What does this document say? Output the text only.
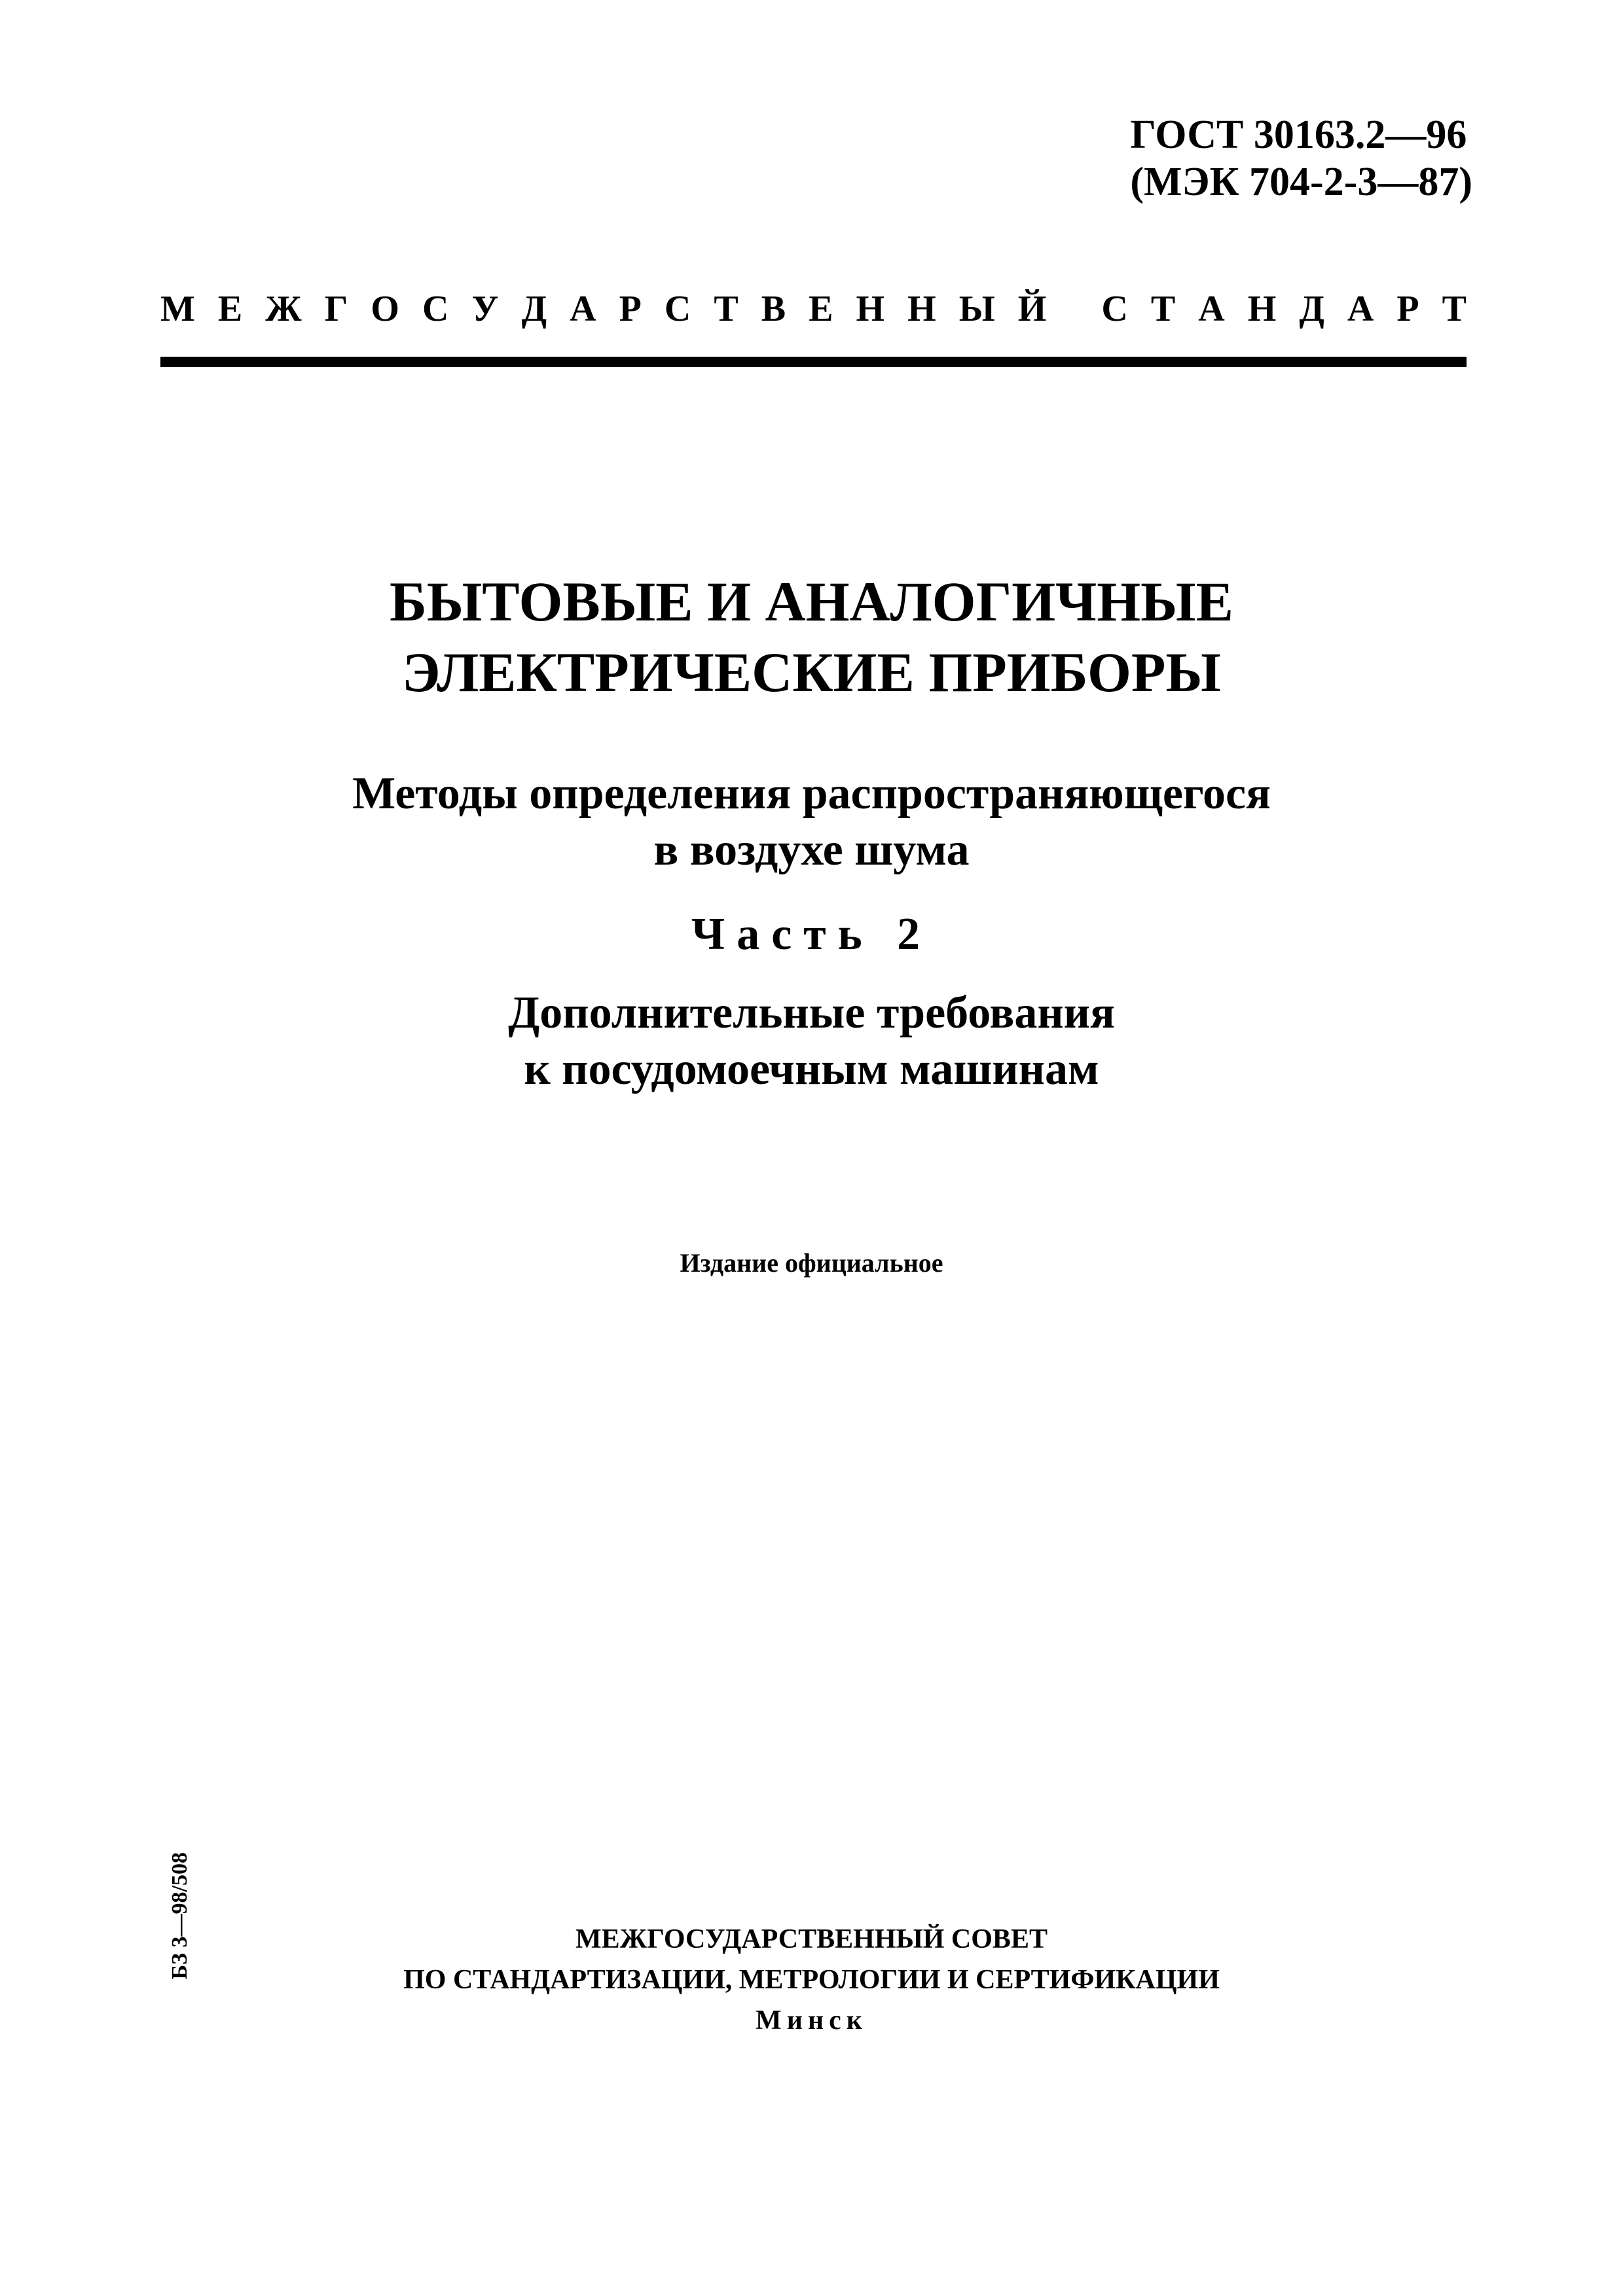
ГОСТ 30163.2—96
(МЭК 704-2-3—87)
М Е Ж Г О С У Д А Р С Т В Е Н Н Ы Й
С Т А Н Д А Р Т
БЫТОВЫЕ И АНАЛОГИЧНЫЕ
ЭЛЕКТРИЧЕСКИЕ ПРИБОРЫ
Методы определения распространяющегося
в воздухе шума
Часть 2
Дополнительные требования
к посудомоечным машинам
Издание официальное
БЗ 3—98/508	МЕЖГОСУДАРСТВЕННЫЙ СОВЕТ
ПО СТАНДАРТИЗАЦИИ, МЕТРОЛОГИИ И СЕРТИФИКАЦИИ
Минск
